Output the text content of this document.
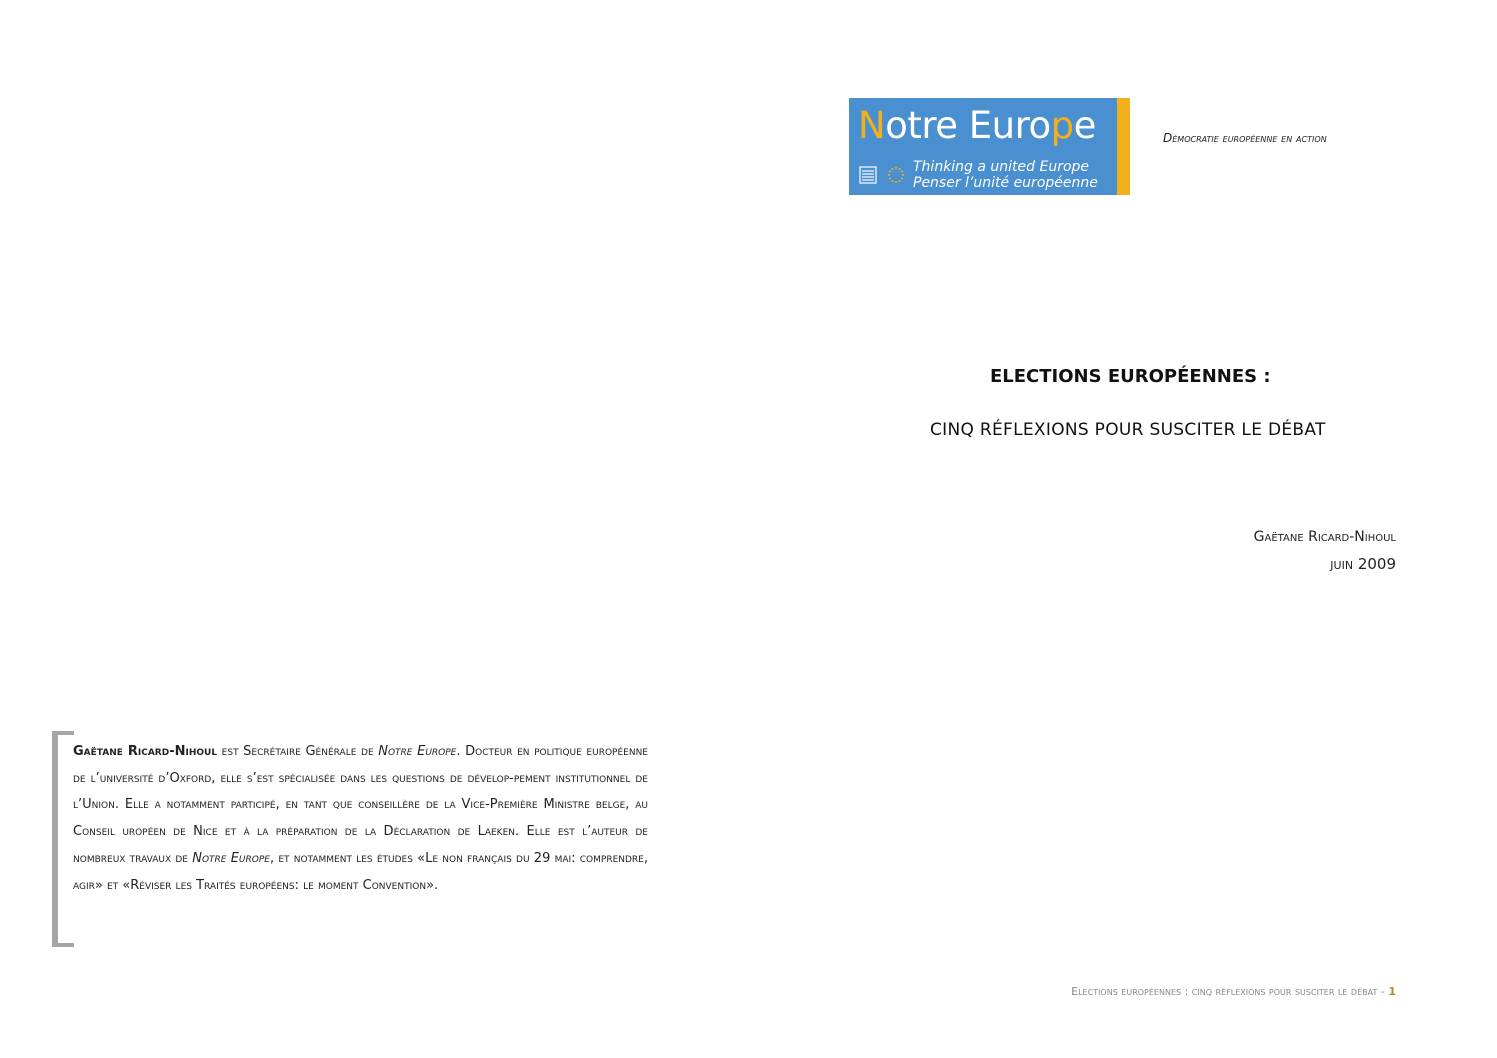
Notre Europe
Thinking a united Europe
Penser l’unité européenne
Démocratie européenne en action
ELECTIONS EUROPÉENNES :
CINQ RÉFLEXIONS POUR SUSCITER LE DÉBAT
Gaëtane Ricard-Nihoul
juin 2009
Gaëtane Ricard-Nihoul est Secrétaire Générale de Notre Europe. Docteur en politique européenne de l’université d’Oxford, elle s’est spécialisée dans les questions de dévelop-pement institutionnel de l’Union. Elle a notamment participé, en tant que conseillère de la Vice-Première Ministre belge, au Conseil uropéen de Nice et à la préparation de la Déclaration de Laeken. Elle est l’auteur de nombreux travaux de Notre Europe, et notamment les études «Le non français du 29 mai: comprendre, agir» et «Réviser les Traités européens: le moment Convention».
Elections européennes : cinq réflexions pour susciter le débat - 1
